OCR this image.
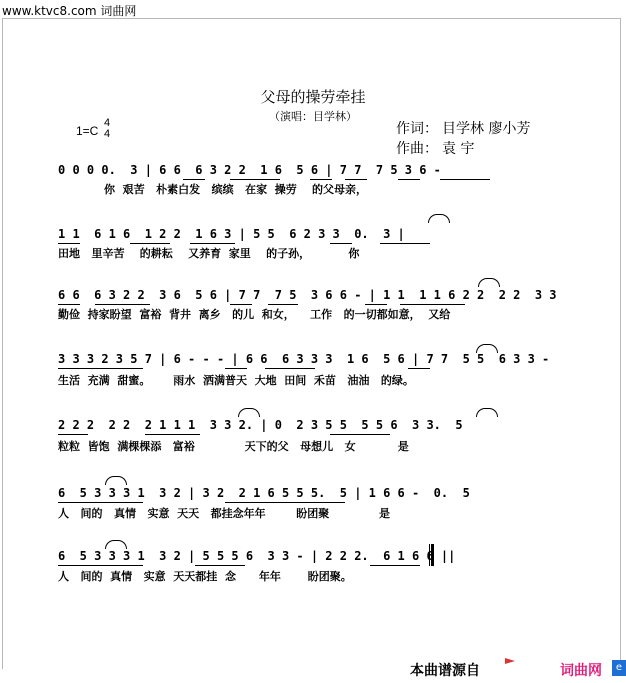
www.ktvc8.com 词曲网
父母的操劳牵挂
（演唱：目学林）
1=C
4
4	作词： 目学林 廖小芳
作曲： 袁 宇
0 0 0 0.  3 | 6 6  6 3 2 2  1 6  5 6 | 7 7  7 5 3 6 -
你  艰苦   朴素白发   缤缤   在家  操劳    的父母亲，
1 1  6 1 6  1 2 2  1 6 3 | 5 5  6 2 3 3  0.  3 |
田地   里辛苦    的耕耘    又养育  家里    的子孙，          你
6 6  6 3 2 2  3 6  5 6 | 7 7  7 5  3 6 6 - | 1 1  1 1 6 2 2  2 2  3 3
勤俭  持家盼望  富裕  背井  离乡   的儿  和女，    工作   的一切都如意，  又给
3 3 3 2 3 5 7 | 6 - - - | 6 6  6 3 3 3  1 6  5 6 | 7 7  5 5  6 3 3 -
生活  充满  甜蜜。      雨水  洒满普天  大地  田间  禾苗   油油   的绿。
2 2 2  2 2  2 1 1 1  3 3 2. | 0  2 3 5 5  5 5 6  3 3.  5
粒粒  皆饱  满棵棵添   富裕             天下的父   母想儿   女           是
6  5 3 3 3 1  3 2 | 3 2  2 1 6 5 5 5.  5 | 1 6 6 -  0.  5
人   间的   真情   实意  天天   都挂念年年        盼团聚             是
6  5 3 3 3 1  3 2 | 5 5 5 6  3 3 - | 2 2 2.  6 1 6 6 ||
人   间的  真情   实意  天天都挂  念      年年       盼团聚。
本曲谱源自	词曲网	e
